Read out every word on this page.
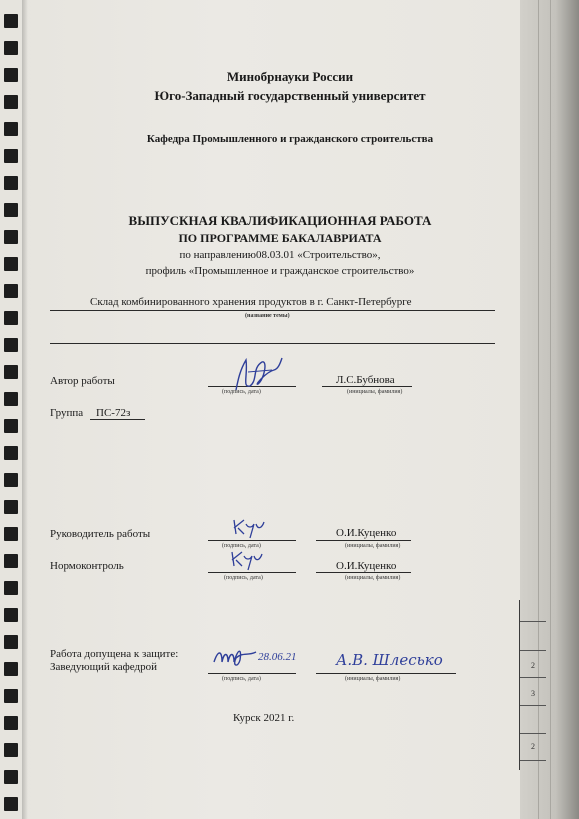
2
3
2
Минобрнауки России
Юго-Западный государственный университет
Кафедра Промышленного и гражданского строительства
ВЫПУСКНАЯ КВАЛИФИКАЦИОННАЯ РАБОТА
ПО ПРОГРАММЕ БАКАЛАВРИАТА
по направлению08.03.01 «Строительство»,
профиль «Промышленное и гражданское строительство»
Склад комбинированного хранения продуктов в г. Санкт-Петербурге
(название темы)
Автор работы
(подпись, дата)
Л.С.Бубнова
(инициалы, фамилия)
Группа ПС-72з
Руководитель работы
(подпись, дата)
О.И.Куценко
(инициалы, фамилия)
Нормоконтроль
(подпись, дата)
О.И.Куценко
(инициалы, фамилия)
Работа допущена к защите:
Заведующий кафедрой
(подпись, дата)
28.06.21	А.В. Шлесько
(инициалы, фамилия)
Курск 2021 г.
